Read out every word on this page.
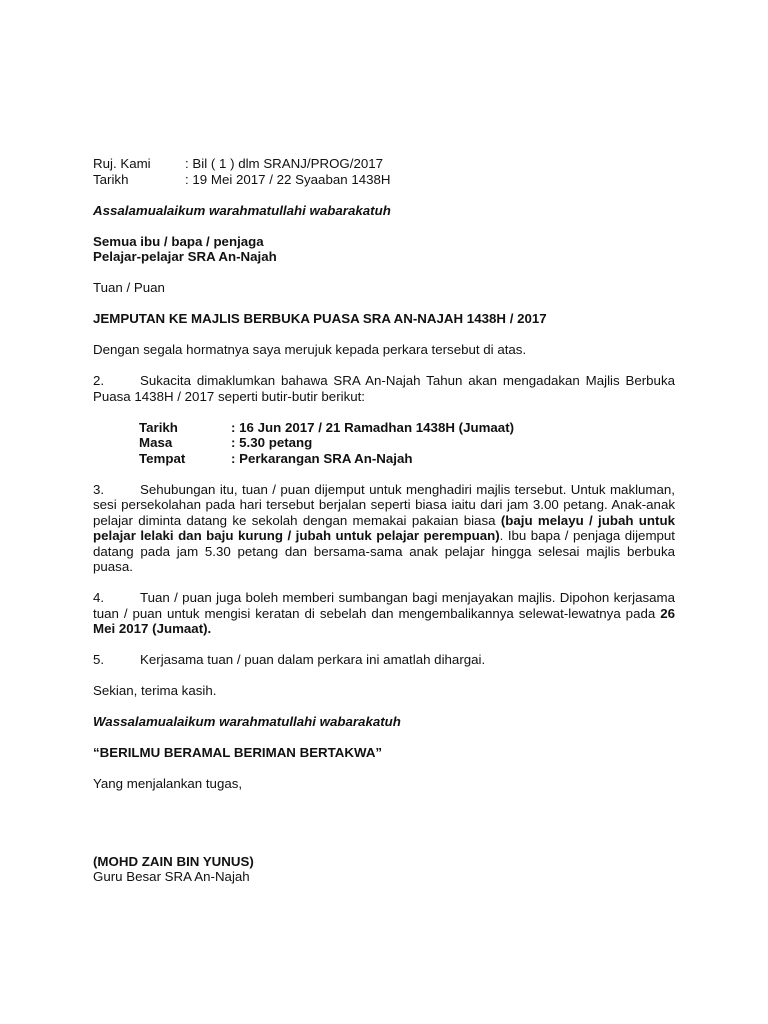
Ruj. Kami	: Bil ( 1 ) dlm SRANJ/PROG/2017
Tarikh	: 19 Mei 2017 / 22 Syaaban 1438H
Assalamualaikum warahmatullahi wabarakatuh
Semua ibu / bapa / penjaga
Pelajar-pelajar SRA An-Najah
Tuan / Puan
JEMPUTAN KE MAJLIS BERBUKA PUASA SRA AN-NAJAH 1438H / 2017
Dengan segala hormatnya saya merujuk kepada perkara tersebut di atas.
2.	Sukacita dimaklumkan bahawa SRA An-Najah Tahun akan mengadakan Majlis Berbuka Puasa 1438H / 2017 seperti butir-butir berikut:
Tarikh	: 16 Jun 2017 / 21 Ramadhan 1438H (Jumaat)
Masa	: 5.30 petang
Tempat	: Perkarangan SRA An-Najah
3.	Sehubungan itu, tuan / puan dijemput untuk menghadiri majlis tersebut. Untuk makluman, sesi persekolahan pada hari tersebut berjalan seperti biasa iaitu dari jam 3.00 petang. Anak-anak pelajar diminta datang ke sekolah dengan memakai pakaian biasa (baju melayu / jubah untuk pelajar lelaki dan baju kurung / jubah untuk pelajar perempuan). Ibu bapa / penjaga dijemput datang pada jam 5.30 petang dan bersama-sama anak pelajar hingga selesai majlis berbuka puasa.
4.	Tuan / puan juga boleh memberi sumbangan bagi menjayakan majlis. Dipohon kerjasama tuan / puan untuk mengisi keratan di sebelah dan mengembalikannya selewat-lewatnya pada 26 Mei 2017 (Jumaat).
5.	Kerjasama tuan / puan dalam perkara ini amatlah dihargai.
Sekian, terima kasih.
Wassalamualaikum warahmatullahi wabarakatuh
“BERILMU BERAMAL BERIMAN BERTAKWA”
Yang menjalankan tugas,
(MOHD ZAIN BIN YUNUS)
Guru Besar SRA An-Najah
